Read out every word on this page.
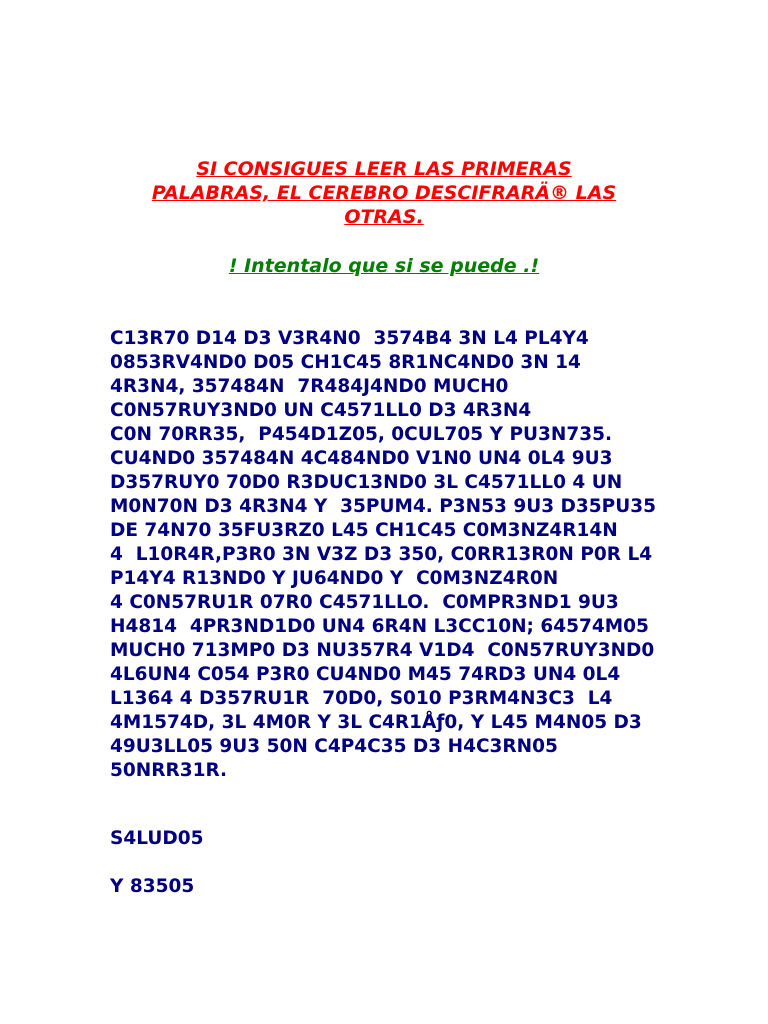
SI CONSIGUES LEER LAS PRIMERAS
PALABRAS, EL CEREBRO DESCIFRARÄ® LAS
OTRAS.

! Intentalo que si se puede .!

C13R70 D14 D3 V3R4N0  3574B4 3N L4 PL4Y4
0853RV4ND0 D05 CH1C45 8R1NC4ND0 3N 14
4R3N4, 357484N  7R484J4ND0 MUCH0
C0N57RUY3ND0 UN C4571LL0 D3 4R3N4
C0N 70RR35,  P454D1Z05, 0CUL705 Y PU3N735.
CU4ND0 357484N 4C484ND0 V1N0 UN4 0L4 9U3
D357RUY0 70D0 R3DUC13ND0 3L C4571LL0 4 UN
M0N70N D3 4R3N4 Y  35PUM4. P3N53 9U3 D35PU35
DE 74N70 35FU3RZ0 L45 CH1C45 C0M3NZ4R14N
4  L10R4R,P3R0 3N V3Z D3 350, C0RR13R0N P0R L4
P14Y4 R13ND0 Y JU64ND0 Y  C0M3NZ4R0N
4 C0N57RU1R 07R0 C4571LLO.  C0MPR3ND1 9U3
H4814  4PR3ND1D0 UN4 6R4N L3CC10N; 64574M05
MUCH0 713MP0 D3 NU357R4 V1D4  C0N57RUY3ND0
4L6UN4 C054 P3R0 CU4ND0 M45 74RD3 UN4 0L4
L1364 4 D357RU1R  70D0, S010 P3RM4N3C3  L4
4M1574D, 3L 4M0R Y 3L C4R1Åƒ0, Y L45 M4N05 D3
49U3LL05 9U3 50N C4P4C35 D3 H4C3RN05
50NRR31R.

S4LUD05

Y 83505
